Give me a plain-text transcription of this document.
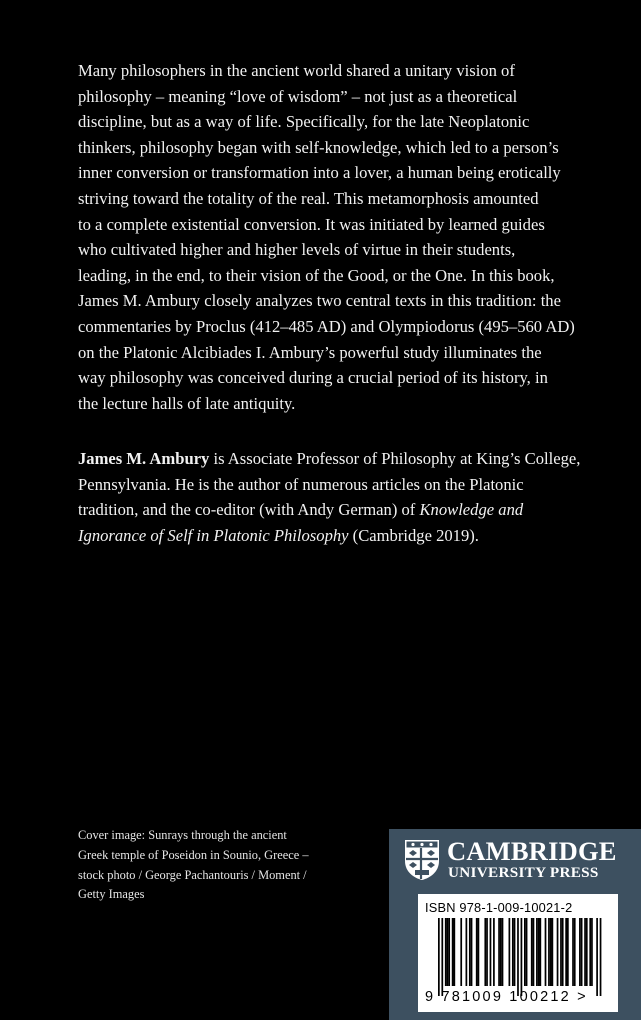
Many philosophers in the ancient world shared a unitary vision of
philosophy – meaning “love of wisdom” – not just as a theoretical
discipline, but as a way of life. Specifically, for the late Neoplatonic
thinkers, philosophy began with self-knowledge, which led to a person’s
inner conversion or transformation into a lover, a human being erotically
striving toward the totality of the real. This metamorphosis amounted
to a complete existential conversion. It was initiated by learned guides
who cultivated higher and higher levels of virtue in their students,
leading, in the end, to their vision of the Good, or the One. In this book,
James M. Ambury closely analyzes two central texts in this tradition: the
commentaries by Proclus (412–485 AD) and Olympiodorus (495–560 AD)
on the Platonic Alcibiades I. Ambury’s powerful study illuminates the
way philosophy was conceived during a crucial period of its history, in
the lecture halls of late antiquity.
James M. Ambury is Associate Professor of Philosophy at King’s College,
Pennsylvania. He is the author of numerous articles on the Platonic
tradition, and the co-editor (with Andy German) of Knowledge and
Ignorance of Self in Platonic Philosophy (Cambridge 2019).
Cover image: Sunrays through the ancient
Greek temple of Poseidon in Sounio, Greece –
stock photo / George Pachantouris / Moment /
Getty Images
CAMBRIDGE
UNIVERSITY PRESS
ISBN 978-1-009-10021-2
9 781009 100212 >
